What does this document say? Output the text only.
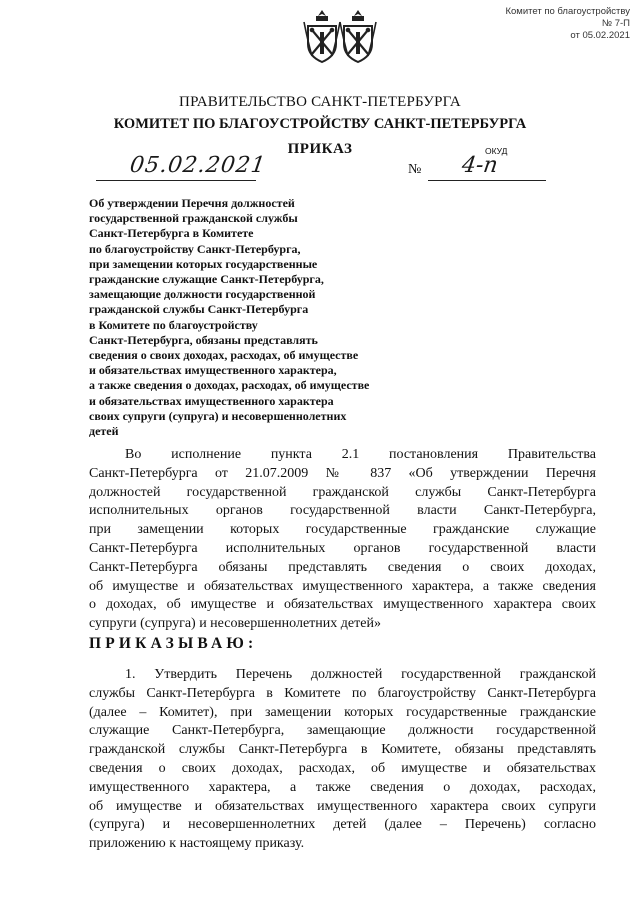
Комитет по благоустройству
№ 7-П
от 05.02.2021
ПРАВИТЕЛЬСТВО САНКТ-ПЕТЕРБУРГА
КОМИТЕТ ПО БЛАГОУСТРОЙСТВУ САНКТ-ПЕТЕРБУРГА
ПРИКАЗ	ОКУД
05.02.2021	№ 4-п
Об утверждении Перечня должностей
государственной гражданской службы
Санкт-Петербурга в Комитете
по благоустройству Санкт-Петербурга,
при замещении которых государственные
гражданские служащие Санкт-Петербурга,
замещающие должности государственной
гражданской службы Санкт-Петербурга
в Комитете по благоустройству
Санкт-Петербурга, обязаны представлять
сведения о своих доходах, расходах, об имуществе
и обязательствах имущественного характера,
а также сведения о доходах, расходах, об имуществе
и обязательствах имущественного характера
своих супруги (супруга) и несовершеннолетних
детей
Во исполнение пункта 2.1 постановления Правительства
Санкт-Петербурга от 21.07.2009 № 837 «Об утверждении Перечня
должностей государственной гражданской службы Санкт-Петербурга
исполнительных органов государственной власти Санкт-Петербурга,
при замещении которых государственные гражданские служащие
Санкт-Петербурга исполнительных органов государственной власти
Санкт-Петербурга обязаны представлять сведения о своих доходах,
об имуществе и обязательствах имущественного характера, а также сведения
о доходах, об имуществе и обязательствах имущественного характера своих
супруги (супруга) и несовершеннолетних детей»
ПРИКАЗЫВАЮ:
1. Утвердить Перечень должностей государственной гражданской
службы Санкт-Петербурга в Комитете по благоустройству Санкт-Петербурга
(далее – Комитет), при замещении которых государственные гражданские
служащие Санкт-Петербурга, замещающие должности государственной
гражданской службы Санкт-Петербурга в Комитете, обязаны представлять
сведения о своих доходах, расходах, об имуществе и обязательствах
имущественного характера, а также сведения о доходах, расходах,
об имуществе и обязательствах имущественного характера своих супруги
(супруга) и несовершеннолетних детей (далее – Перечень) согласно
приложению к настоящему приказу.
